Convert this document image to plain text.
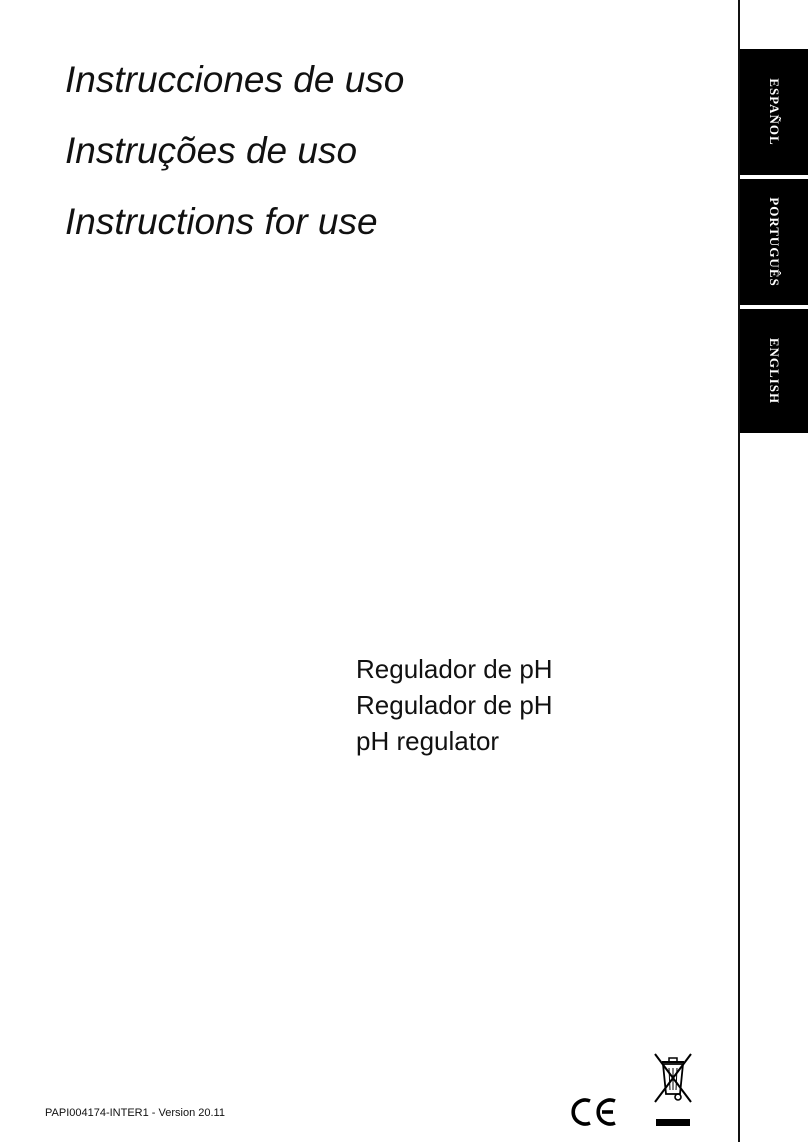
Instrucciones de uso
Instruções de uso
Instructions for use
ESPAÑOL
PORTUGUÊS
ENGLISH
Regulador de pH
Regulador de pH
pH regulator
PAPI004174-INTER1 - Version 20.11
